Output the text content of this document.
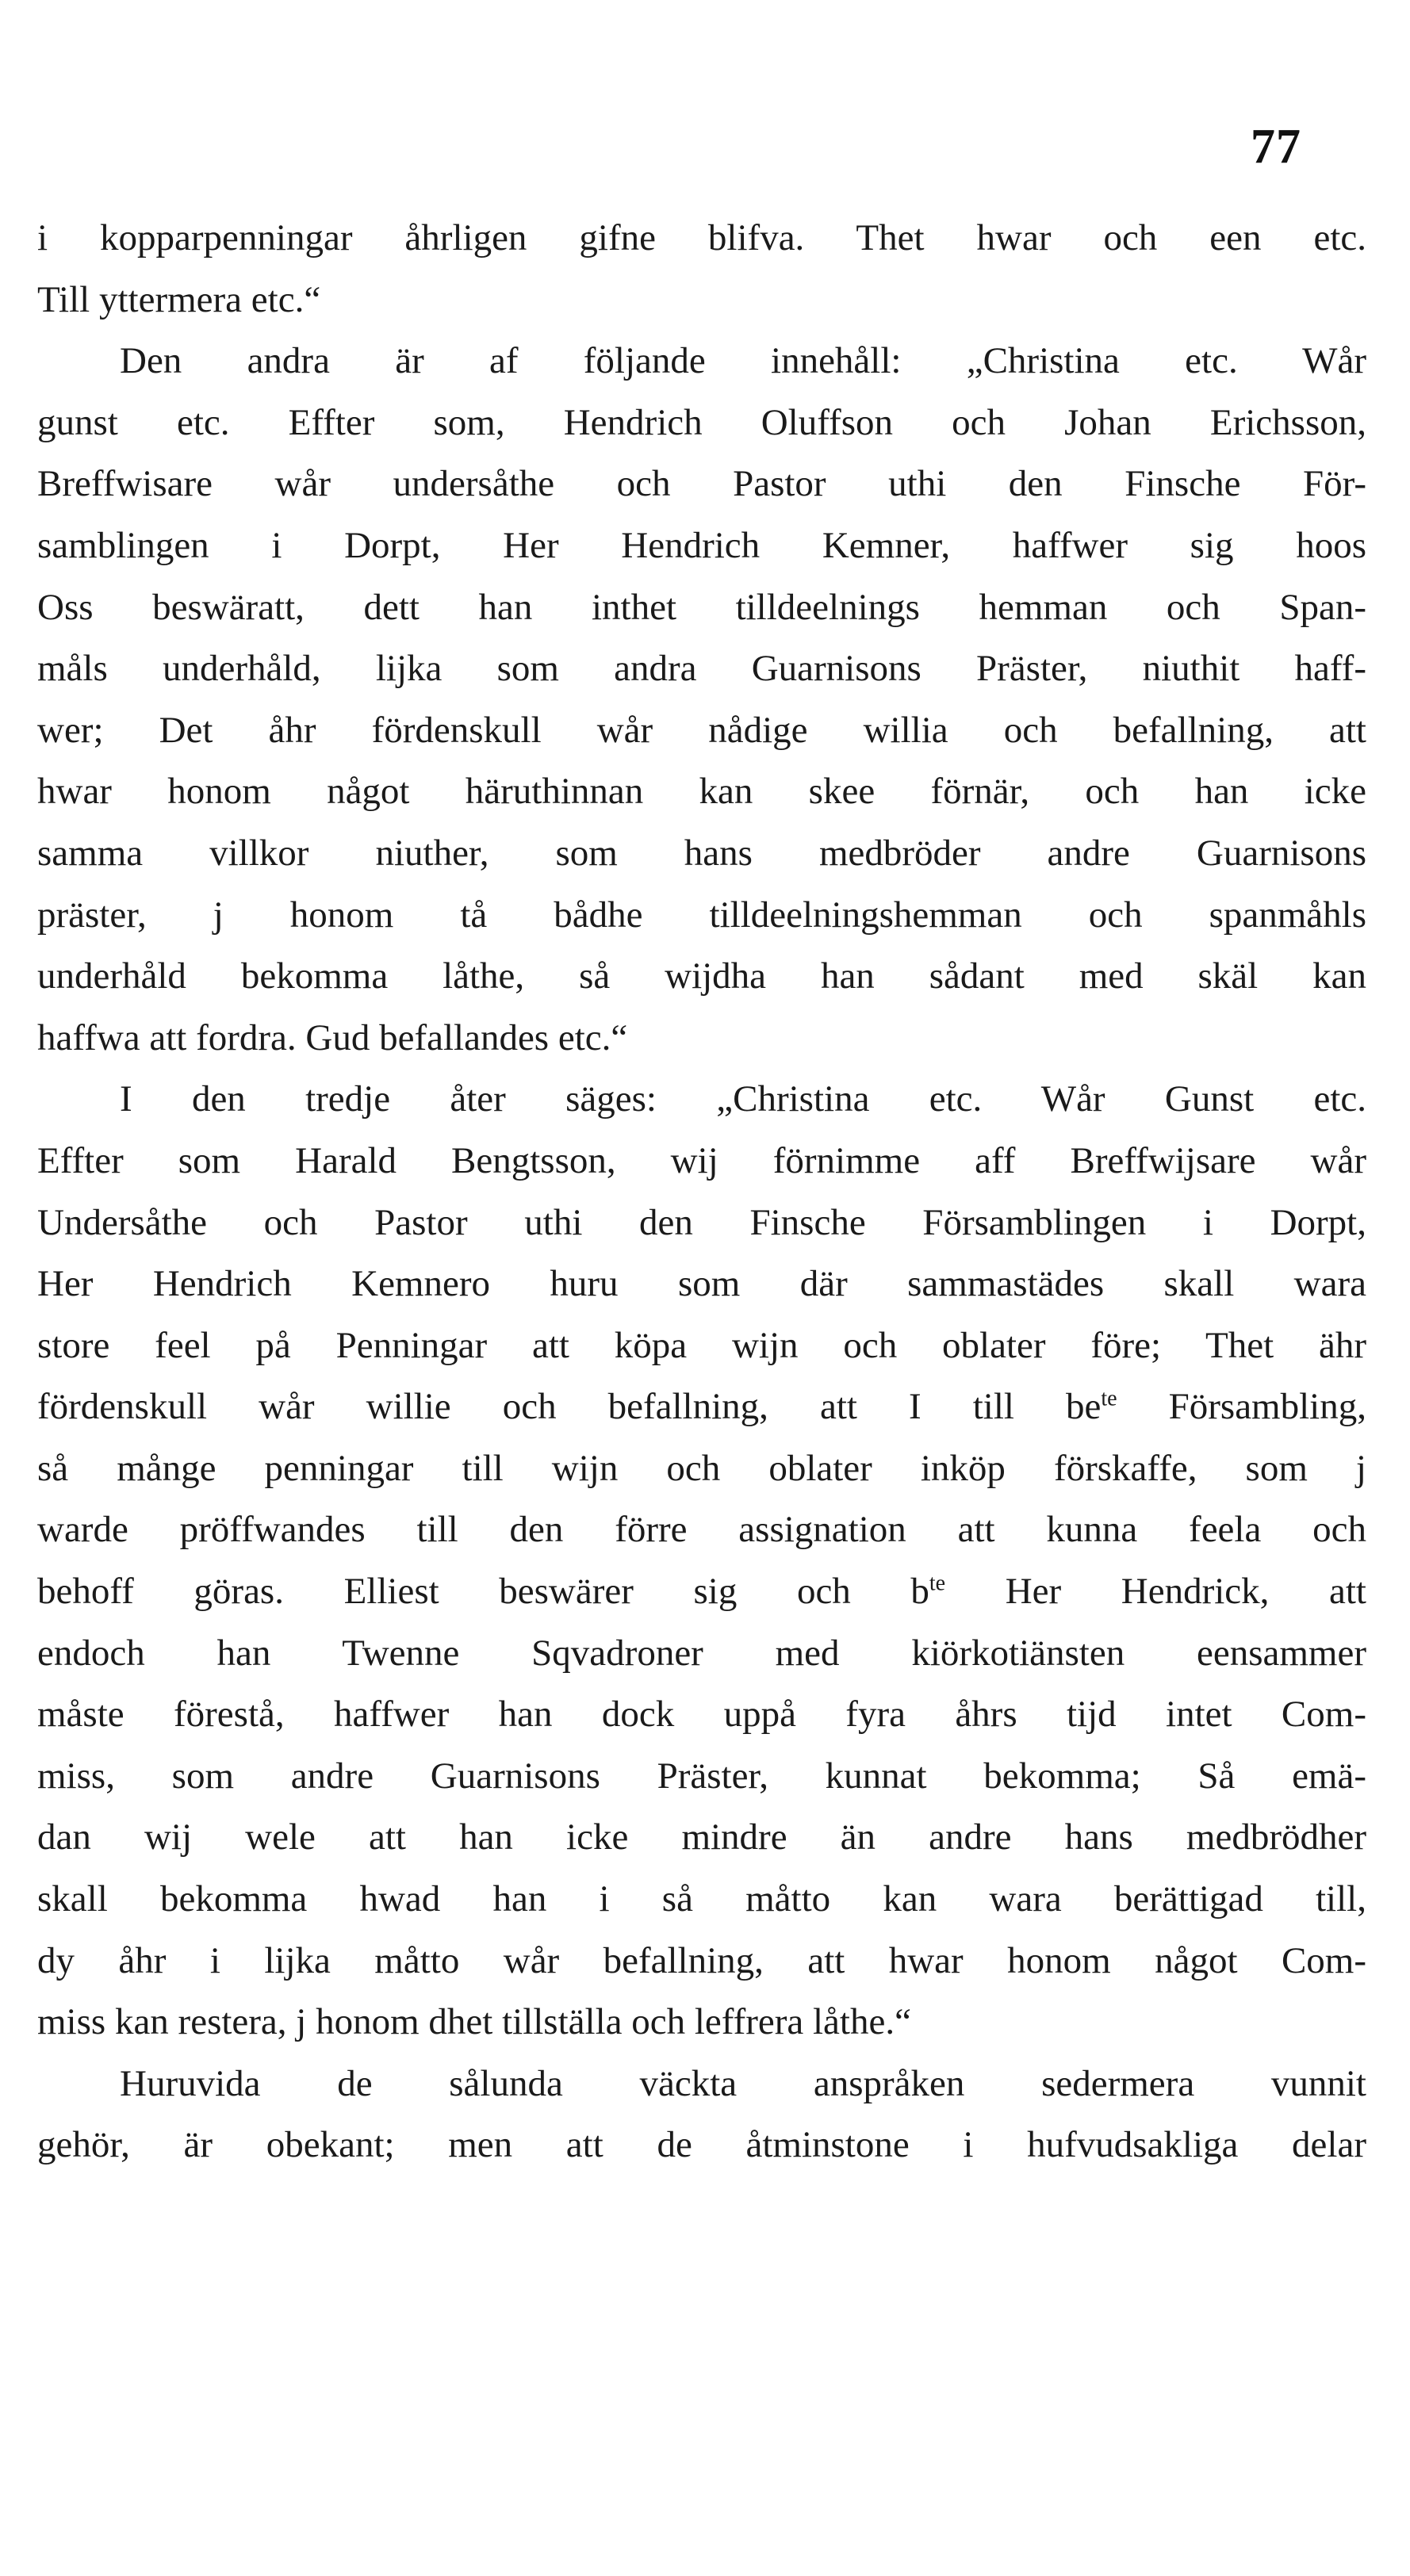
77
i kopparpenningar åhrligen gifne blifva. Thet hwar och een etc.
Till yttermera etc.“
Den andra är af följande innehåll: „Christina etc. Wår
gunst etc. Effter som, Hendrich Oluffson och Johan Erichsson,
Breffwisare wår undersåthe och Pastor uthi den Finsche För-
samblingen i Dorpt, Her Hendrich Kemner, haffwer sig hoos
Oss beswäratt, dett han inthet tilldeelnings hemman och Span-
måls underhåld, lijka som andra Guarnisons Präster, niuthit haff-
wer; Det åhr fördenskull wår nådige willia och befallning, att
hwar honom något häruthinnan kan skee förnär, och han icke
samma villkor niuther, som hans medbröder andre Guarnisons
präster, j honom tå bådhe tilldeelningshemman och spanmåhls
underhåld bekomma låthe, så wijdha han sådant med skäl kan
haffwa att fordra. Gud befallandes etc.“
I den tredje åter säges: „Christina etc. Wår Gunst etc.
Effter som Harald Bengtsson, wij förnimme aff Breffwijsare wår
Undersåthe och Pastor uthi den Finsche Församblingen i Dorpt,
Her Hendrich Kemnero huru som där sammastädes skall wara
store feel på Penningar att köpa wijn och oblater före; Thet ähr
fördenskull wår willie och befallning, att I till $be^{te}$ Försambling,
så månge penningar till wijn och oblater inköp förskaffe, som j
warde pröffwandes till den förre assignation att kunna feela och
behoff göras. Elliest beswärer sig och $b^{te}$ Her Hendrick, att
endoch han Twenne Sqvadroner med kiörkotiänsten eensammer
måste förestå, haffwer han dock uppå fyra åhrs tijd intet Com-
miss, som andre Guarnisons Präster, kunnat bekomma; Så emä-
dan wij wele att han icke mindre än andre hans medbrödher
skall bekomma hwad han i så måtto kan wara berättigad till,
dy åhr i lijka måtto wår befallning, att hwar honom något Com-
miss kan restera, j honom dhet tillställa och leffrera låthe.“
Huruvida de sålunda väckta anspråken sedermera vunnit
gehör, är obekant; men att de åtminstone i hufvudsakliga delar
